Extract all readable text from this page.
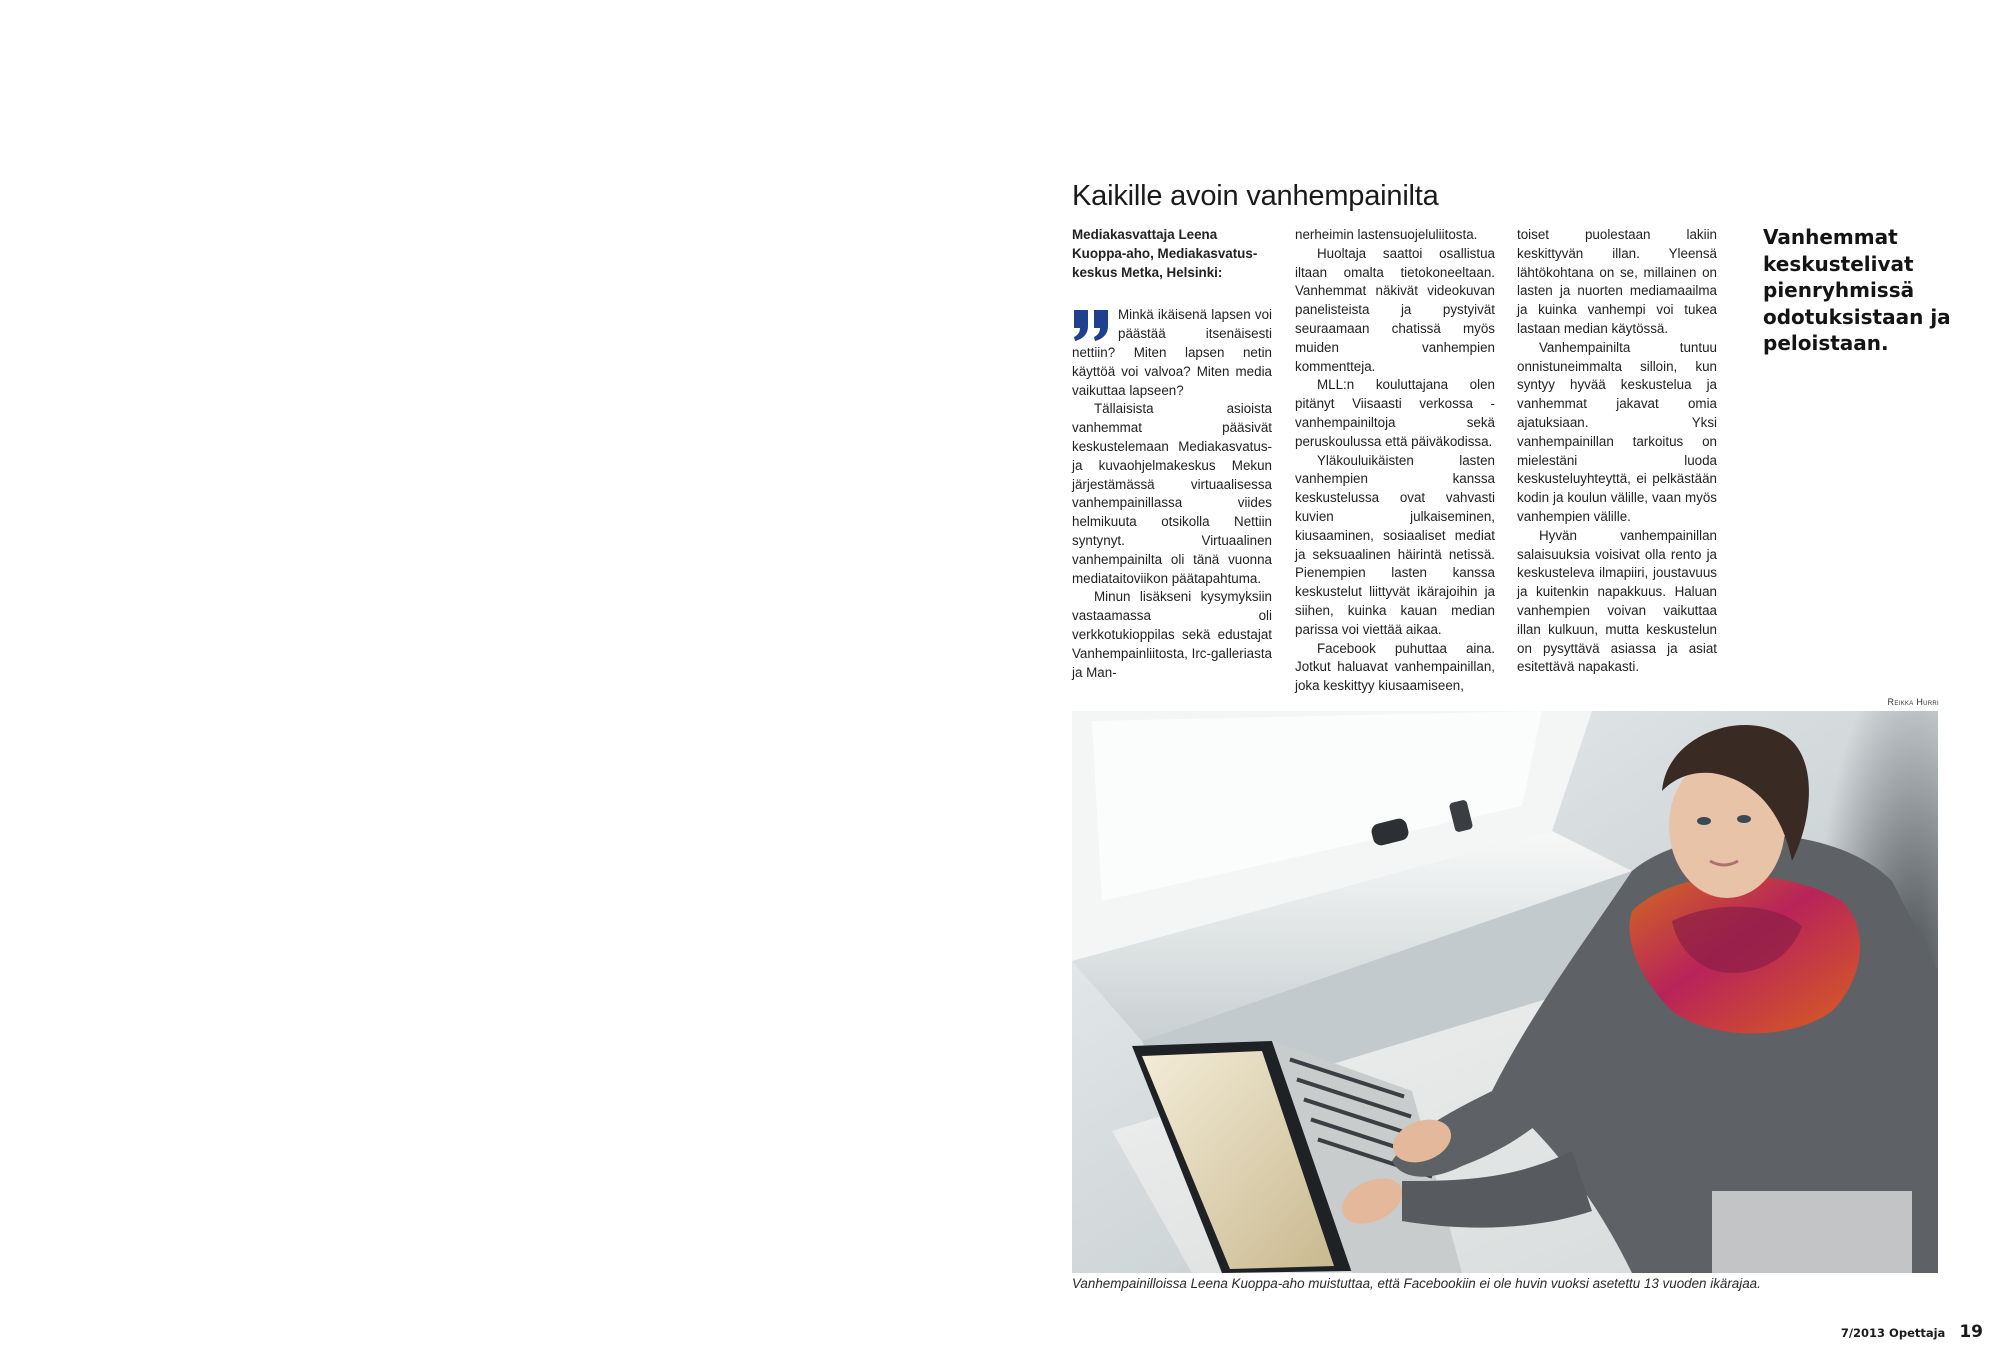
Kaikille avoin vanhempainilta

Mediakasvattaja Leena Kuoppa-aho, Mediakasvatus-keskus Metka, Helsinki:

Minkä ikäisenä lapsen voi päästää itsenäisesti nettiin? Miten lapsen netin käyttöä voi valvoa? Miten media vaikuttaa lapseen?

Tällaisista asioista vanhemmat pääsivät keskustelemaan Mediakasvatus- ja kuvaohjelmakeskus Mekun järjestämässä virtuaalisessa vanhempainillassa viides helmikuuta otsikolla Nettiin syntynyt. Virtuaalinen vanhempainilta oli tänä vuonna mediataitoviikon päätapahtuma.

Minun lisäkseni kysymyksiin vastaamassa oli verkkotukioppilas sekä edustajat Vanhempainliitosta, Irc-galleriasta ja Man-

nerheimin lastensuojeluliitosta.

Huoltaja saattoi osallistua iltaan omalta tietokoneeltaan. Vanhemmat näkivät videokuvan panelisteista ja pystyivät seuraamaan chatissä myös muiden vanhempien kommentteja.

MLL:n kouluttajana olen pitänyt Viisaasti verkossa -vanhempainiltoja sekä peruskoulussa että päiväkodissa.

Yläkouluikäisten lasten vanhempien kanssa keskustelussa ovat vahvasti kuvien julkaiseminen, kiusaaminen, sosiaaliset mediat ja seksuaalinen häirintä netissä. Pienempien lasten kanssa keskustelut liittyvät ikärajoihin ja siihen, kuinka kauan median parissa voi viettää aikaa.

Facebook puhuttaa aina. Jotkut haluavat vanhempainillan, joka keskittyy kiusaamiseen,

toiset puolestaan lakiin keskittyvän illan. Yleensä lähtökohtana on se, millainen on lasten ja nuorten mediamaailma ja kuinka vanhempi voi tukea lastaan median käytössä.

Vanhempainilta tuntuu onnistuneimmalta silloin, kun syntyy hyvää keskustelua ja vanhemmat jakavat omia ajatuksiaan. Yksi vanhempainillan tarkoitus on mielestäni luoda keskusteluyhteyttä, ei pelkästään kodin ja koulun välille, vaan myös vanhempien välille.

Hyvän vanhempainillan salaisuuksia voisivat olla rento ja keskusteleva ilmapiiri, joustavuus ja kuitenkin napakkuus. Haluan vanhempien voivan vaikuttaa illan kulkuun, mutta keskustelun on pysyttävä asiassa ja asiat esitettävä napakasti.

Vanhemmat keskustelivat pienryhmissä odotuksistaan ja peloistaan.

Reikka Hurri

Vanhempainilloissa Leena Kuoppa-aho muistuttaa, että Facebookiin ei ole huvin vuoksi asetettu 13 vuoden ikärajaa.

7/2013 Opettaja 19
